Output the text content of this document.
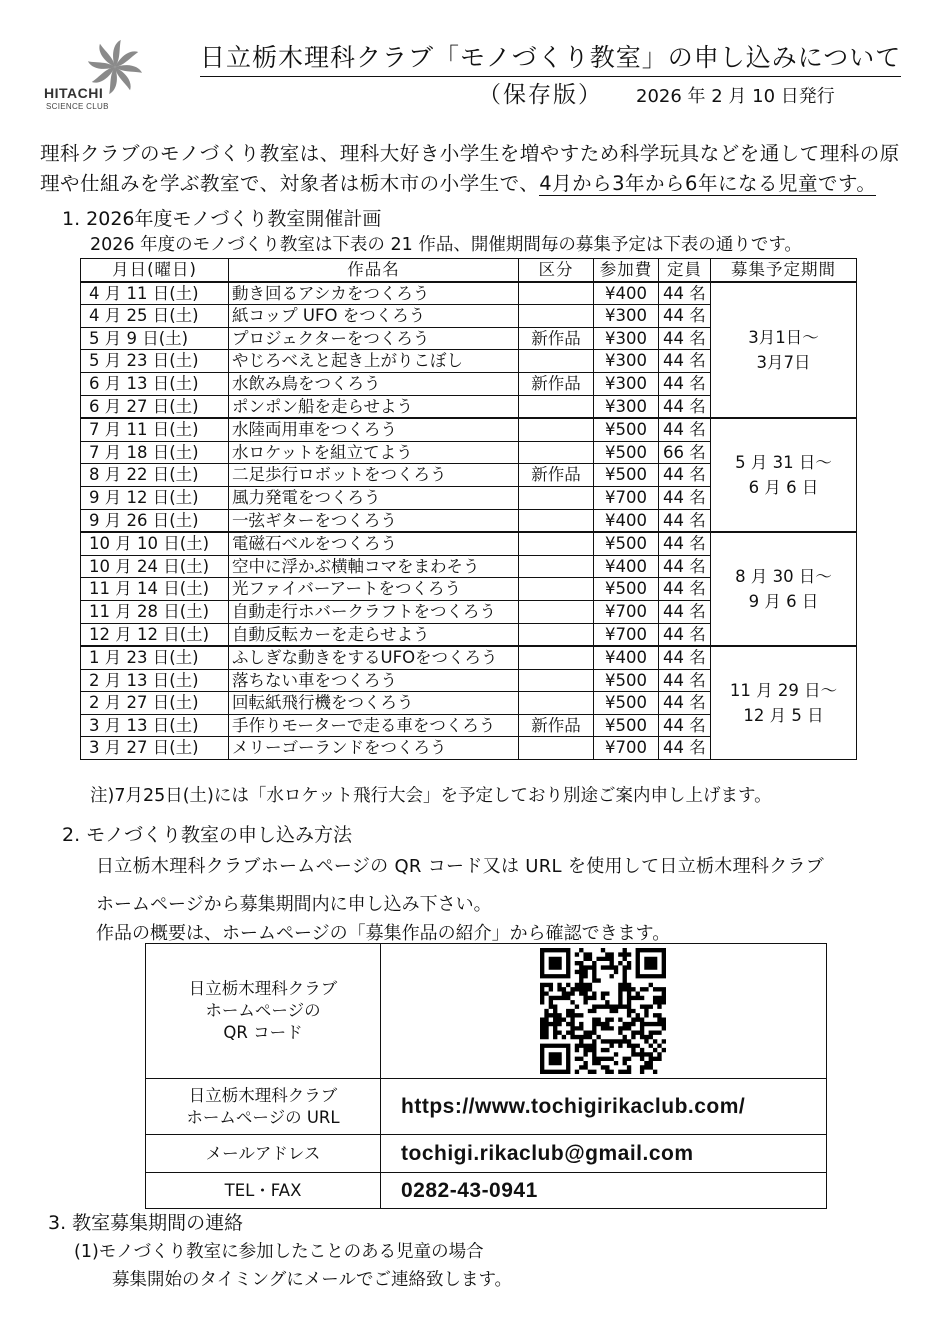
HITACHI
SCIENCE CLUB
日立栃木理科クラブ「モノづくり教室」の申し込みについて
（保存版） 2026 年 2 月 10 日発行
理科クラブのモノづくり教室は、理科大好き小学生を増やすため科学玩具などを通して理科の原
理や仕組みを学ぶ教室で、対象者は栃木市の小学生で、4月から3年から6年になる児童です。
1. 2026年度モノづくり教室開催計画
2026 年度のモノづくり教室は下表の 21 作品、開催期間毎の募集予定は下表の通りです。
月日(曜日)	作品名	区分	参加費	定員	募集予定期間
4 月 11 日(土)	動き回るアシカをつくろう		¥400	44 名	3月1日～
3月7日

4 月 25 日(土)	紙コップ UFO をつくろう		¥300	44 名	
5 月 9 日(土)	プロジェクターをつくろう	新作品	¥300	44 名	
5 月 23 日(土)	やじろべえと起き上がりこぼし		¥300	44 名	
6 月 13 日(土)	水飲み鳥をつくろう	新作品	¥300	44 名	
6 月 27 日(土)	ポンポン船を走らせよう		¥300	44 名	
7 月 11 日(土)	水陸両用車をつくろう		¥500	44 名	5 月 31 日～
6 月 6 日

7 月 18 日(土)	水ロケットを組立てよう		¥500	66 名	
8 月 22 日(土)	二足歩行ロボットをつくろう	新作品	¥500	44 名	
9 月 12 日(土)	風力発電をつくろう		¥700	44 名	
9 月 26 日(土)	一弦ギターをつくろう		¥400	44 名	
10 月 10 日(土)	電磁石ベルをつくろう		¥500	44 名	8 月 30 日～
9 月 6 日

10 月 24 日(土)	空中に浮かぶ横軸コマをまわそう		¥400	44 名	
11 月 14 日(土)	光ファイバーアートをつくろう		¥500	44 名	
11 月 28 日(土)	自動走行ホバークラフトをつくろう		¥700	44 名	
12 月 12 日(土)	自動反転カーを走らせよう		¥700	44 名	
1 月 23 日(土)	ふしぎな動きをするUFOをつくろう		¥400	44 名	11 月 29 日～
12 月 5 日

2 月 13 日(土)	落ちない車をつくろう		¥500	44 名	
2 月 27 日(土)	回転紙飛行機をつくろう		¥500	44 名	
3 月 13 日(土)	手作りモーターで走る車をつくろう	新作品	¥500	44 名	
3 月 27 日(土)	メリーゴーランドをつくろう		¥700	44 名	
注)7月25日(土)には「水ロケット飛行大会」を予定しており別途ご案内申し上げます。
2. モノづくり教室の申し込み方法
日立栃木理科クラブホームページの QR コード又は URL を使用して日立栃木理科クラブ
ホームページから募集期間内に申し込み下さい。
作品の概要は、ホームページの「募集作品の紹介」から確認できます。
日立栃木理科クラブ
ホームページの
QR コード

日立栃木理科クラブ
ホームページの URL	https://www.tochigirikaclub.com/
メールアドレス	tochigi.rikaclub@gmail.com
TEL・FAX	0282-43-0941
3. 教室募集期間の連絡
(1)モノづくり教室に参加したことのある児童の場合
募集開始のタイミングにメールでご連絡致します。
